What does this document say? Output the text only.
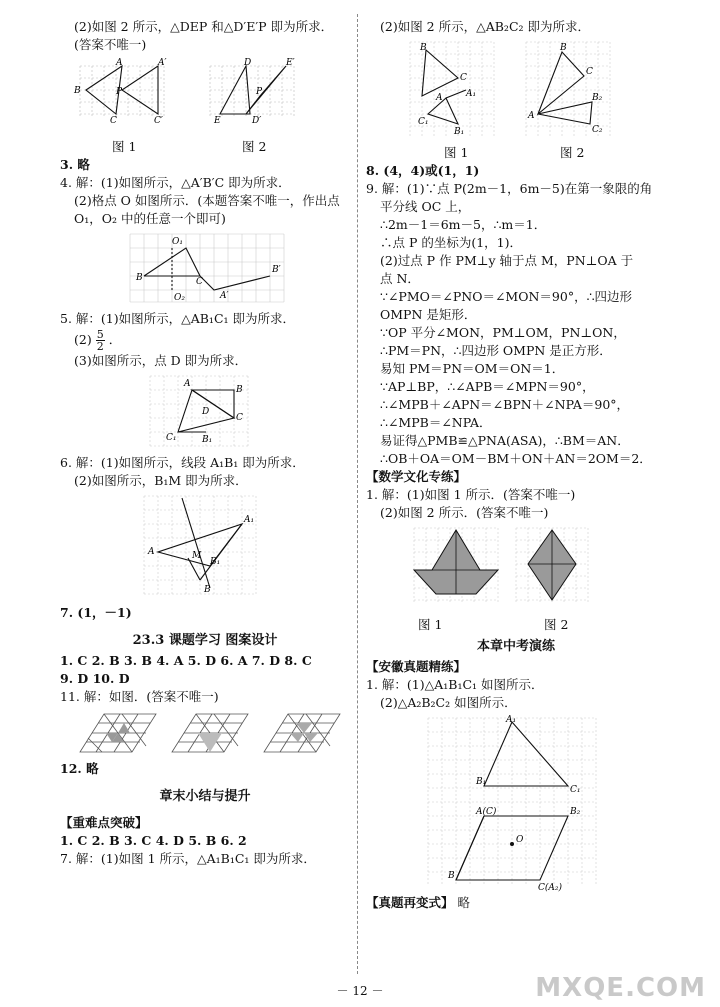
(2)如图 2 所示，△DEP 和△D′E′P 即为所求．
(答案不唯一)
B
A
C
P
A′
C′
D
E	D′
E′
P
图 1	图 2
3. 略
4. 解：(1)如图所示，△A′B′C 即为所求．
(2)格点 O 如图所示．(本题答案不唯一，作出点
O₁，O₂ 中的任意一个即可)
B
O₁
C
B′
A′
O₂
5. 解：(1)如图所示，△AB₁C₁ 即为所求．
$(2) \frac{5}{2}$ ．
(3)如图所示，点 D 即为所求．
A
B
C
D
C₁	B₁
6. 解：(1)如图所示，线段 A₁B₁ 即为所求．
(2)如图所示，B₁M 即为所求．
A
A₁
B₁
M
B
7. (1，－1)
23.3 课题学习 图案设计
1. C 2. B 3. B 4. A 5. D 6. A 7. D 8. C
9. D 10. D
11. 解：如图．(答案不唯一)
12. 略
章末小结与提升
【重难点突破】
1. C 2. B 3. C 4. D 5. B 6. 2
7. 解：(1)如图 1 所示，△A₁B₁C₁ 即为所求．
(2)如图 2 所示，△AB₂C₂ 即为所求．
B
C
A	A₁
C₁
B₁
B
C
A
B₂
C₂
图 1	图 2
8. (4，4)或(1，1)
9. 解：(1)∵点 P(2m－1，6m－5)在第一象限的角
平分线 OC 上，
∴2m－1＝6m－5，∴m＝1．
∴点 P 的坐标为(1，1)．
(2)过点 P 作 PM⊥y 轴于点 M，PN⊥OA 于
点 N．
∵∠PMO＝∠PNO＝∠MON＝90°，∴四边形
OMPN 是矩形．
∵OP 平分∠MON，PM⊥OM，PN⊥ON，
∴PM＝PN，∴四边形 OMPN 是正方形．
易知 PM＝PN＝OM＝ON＝1．
∵AP⊥BP，∴∠APB＝∠MPN＝90°，
∴∠MPB＋∠APN＝∠BPN＋∠NPA＝90°，
∴∠MPB＝∠NPA．
易证得△PMB≌△PNA(ASA)，∴BM＝AN．
∴OB＋OA＝OM－BM＋ON＋AN＝2OM＝2．
【数学文化专练】
1. 解：(1)如图 1 所示．(答案不唯一)
(2)如图 2 所示．(答案不唯一)
图 1	图 2
本章中考演练
【安徽真题精练】
1. 解：(1)△A₁B₁C₁ 如图所示．
(2)△A₂B₂C₂ 如图所示．
A₁
C₁
B₁
A(C)	B₂
O
B
C(A₂)
【真题再变式】 略
－ 12 －	MXQE.COM
